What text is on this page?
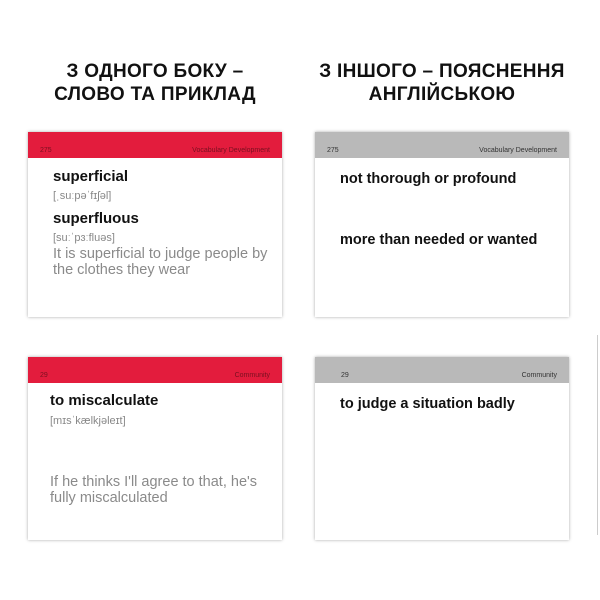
З ОДНОГО БОКУ –
СЛОВО ТА ПРИКЛАД
З ІНШОГО – ПОЯСНЕННЯ
АНГЛІЙСЬКОЮ
275	Vocabulary Development
superficial
[ˌsuːpəˈfɪʃəl]
superfluous
[suːˈpɜːfluəs]
It is superficial to judge people by the clothes they wear
275	Vocabulary Development
not thorough or profound
more than needed or wanted
29	Community
to miscalculate
[mɪsˈkælkjəleɪt]
If he thinks I'll agree to that, he's fully miscalculated
29	Community
to judge a situation badly
